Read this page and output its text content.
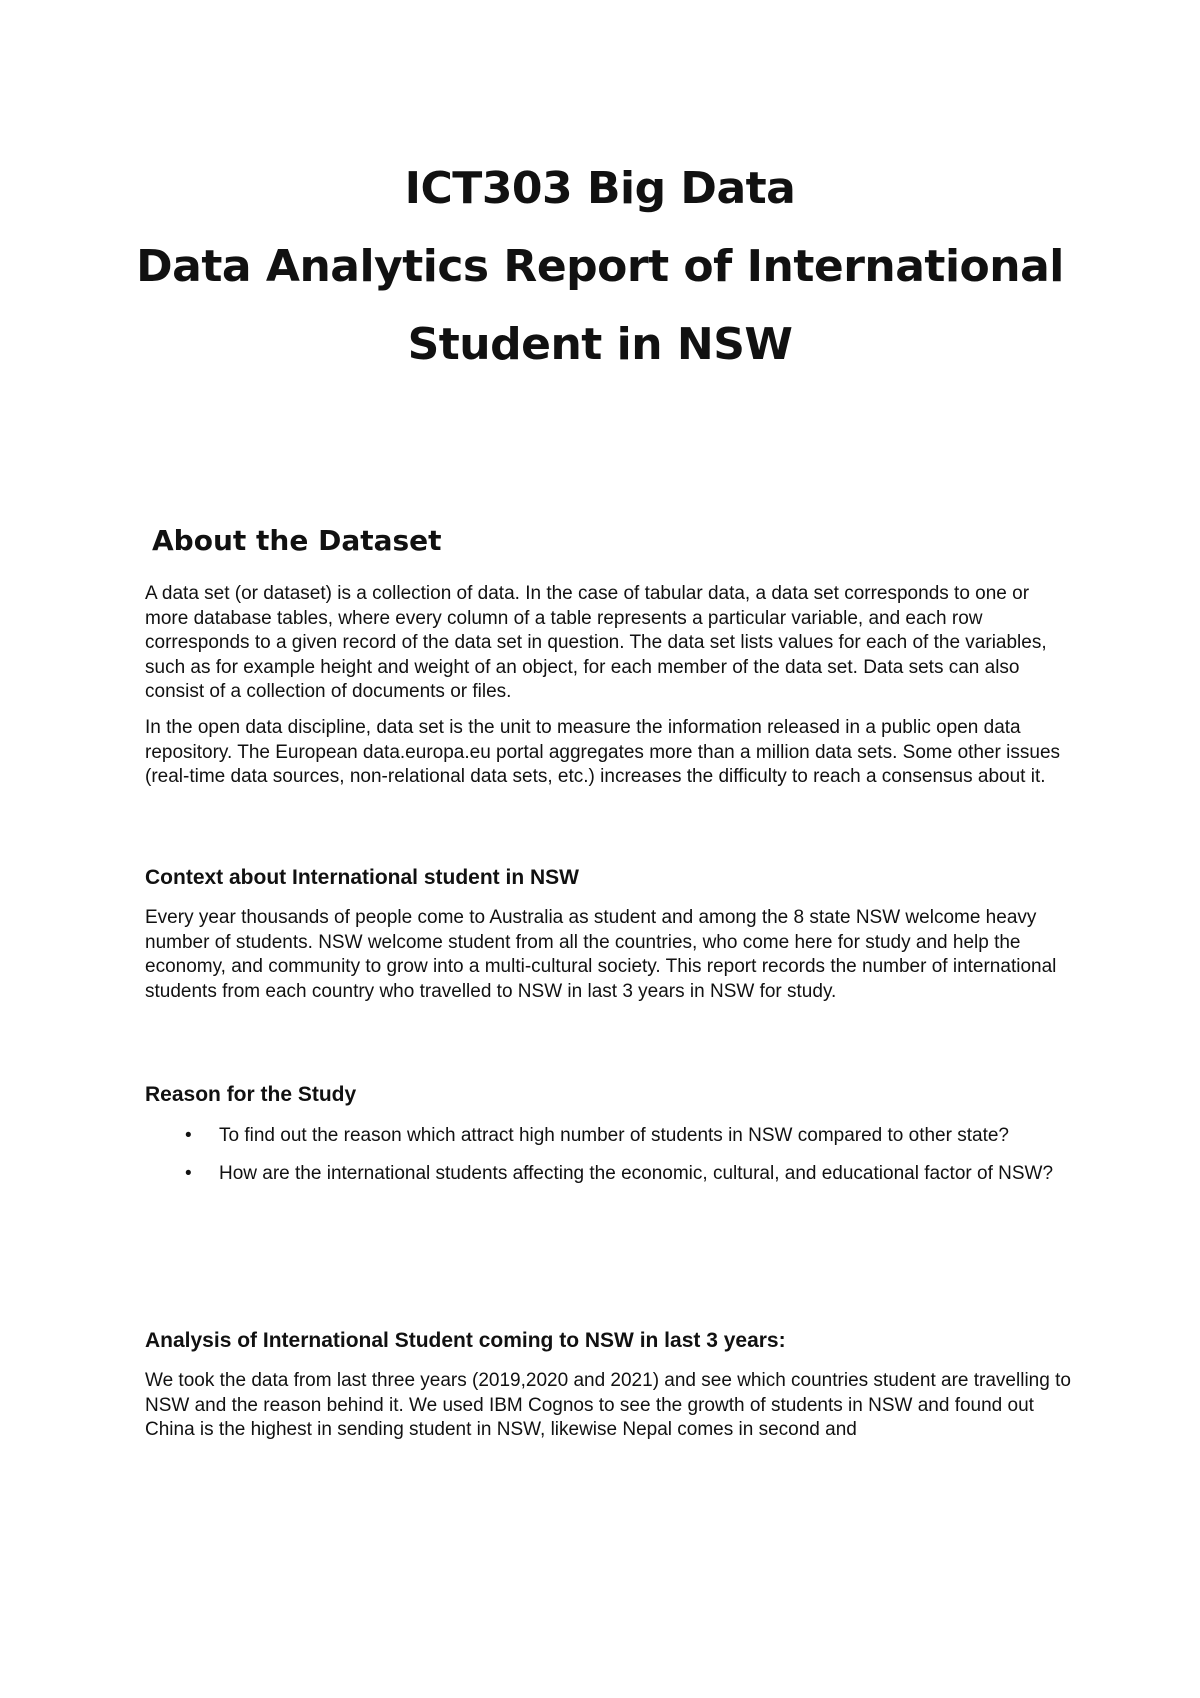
ICT303 Big Data
Data Analytics Report of International
Student in NSW
About the Dataset

A data set (or dataset) is a collection of data. In the case of tabular data, a data set corresponds to one or more database tables, where every column of a table represents a particular variable, and each row corresponds to a given record of the data set in question. The data set lists values for each of the variables, such as for example height and weight of an object, for each member of the data set. Data sets can also consist of a collection of documents or files.

In the open data discipline, data set is the unit to measure the information released in a public open data repository. The European data.europa.eu portal aggregates more than a million data sets. Some other issues (real-time data sources, non-relational data sets, etc.) increases the difficulty to reach a consensus about it.

Context about International student in NSW

Every year thousands of people come to Australia as student and among the 8 state NSW welcome heavy number of students. NSW welcome student from all the countries, who come here for study and help the economy, and community to grow into a multi-cultural society. This report records the number of international students from each country who travelled to NSW in last 3 years in NSW for study.

Reason for the Study
• To find out the reason which attract high number of students in NSW compared to other state?
• How are the international students affecting the economic, cultural, and educational factor of NSW?
Analysis of International Student coming to NSW in last 3 years:

We took the data from last three years (2019,2020 and 2021) and see which countries student are travelling to NSW and the reason behind it. We used IBM Cognos to see the growth of students in NSW and found out China is the highest in sending student in NSW, likewise Nepal comes in second and
